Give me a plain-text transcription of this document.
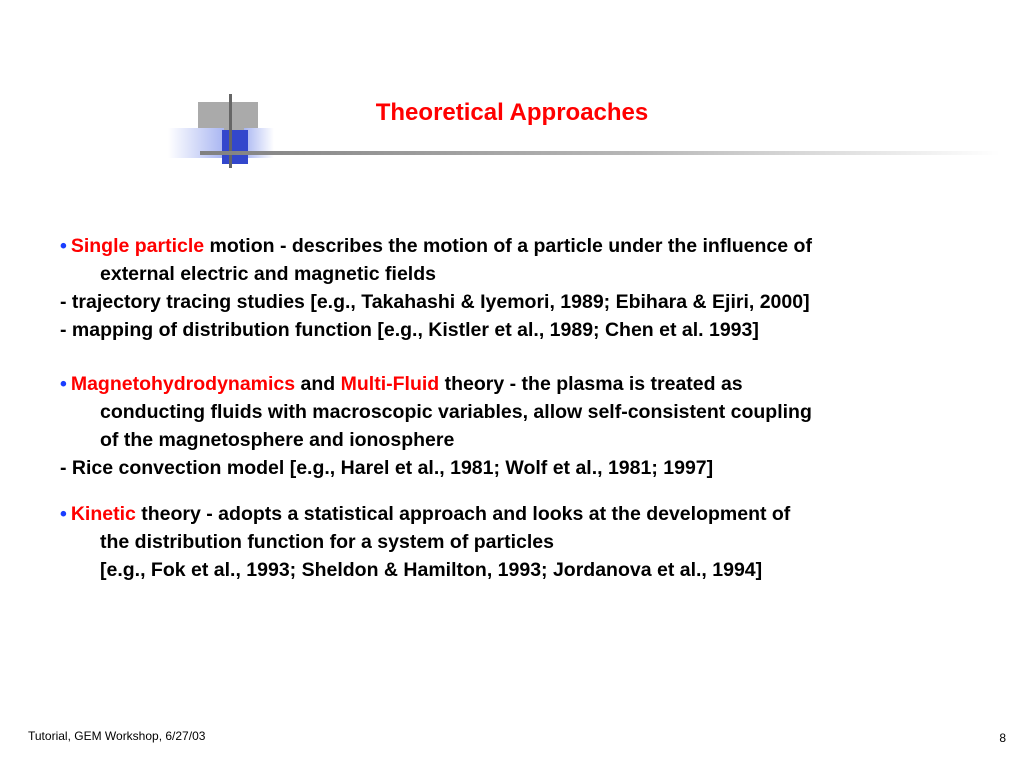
Theoretical Approaches
• Single particle motion - describes the motion of a particle under the influence of
external electric and magnetic fields
- trajectory tracing studies [e.g., Takahashi & Iyemori, 1989; Ebihara & Ejiri, 2000]
- mapping of distribution function [e.g., Kistler et al., 1989; Chen et al. 1993]
• Magnetohydrodynamics and Multi-Fluid theory - the plasma is treated as
conducting fluids with macroscopic variables, allow self-consistent coupling
of the magnetosphere and ionosphere
- Rice convection model [e.g., Harel et al., 1981; Wolf et al., 1981; 1997]
• Kinetic theory - adopts a statistical approach and looks at the development of
the distribution function for a system of particles
[e.g., Fok et al., 1993; Sheldon & Hamilton, 1993; Jordanova et al., 1994]
Tutorial, GEM Workshop, 6/27/03	8
